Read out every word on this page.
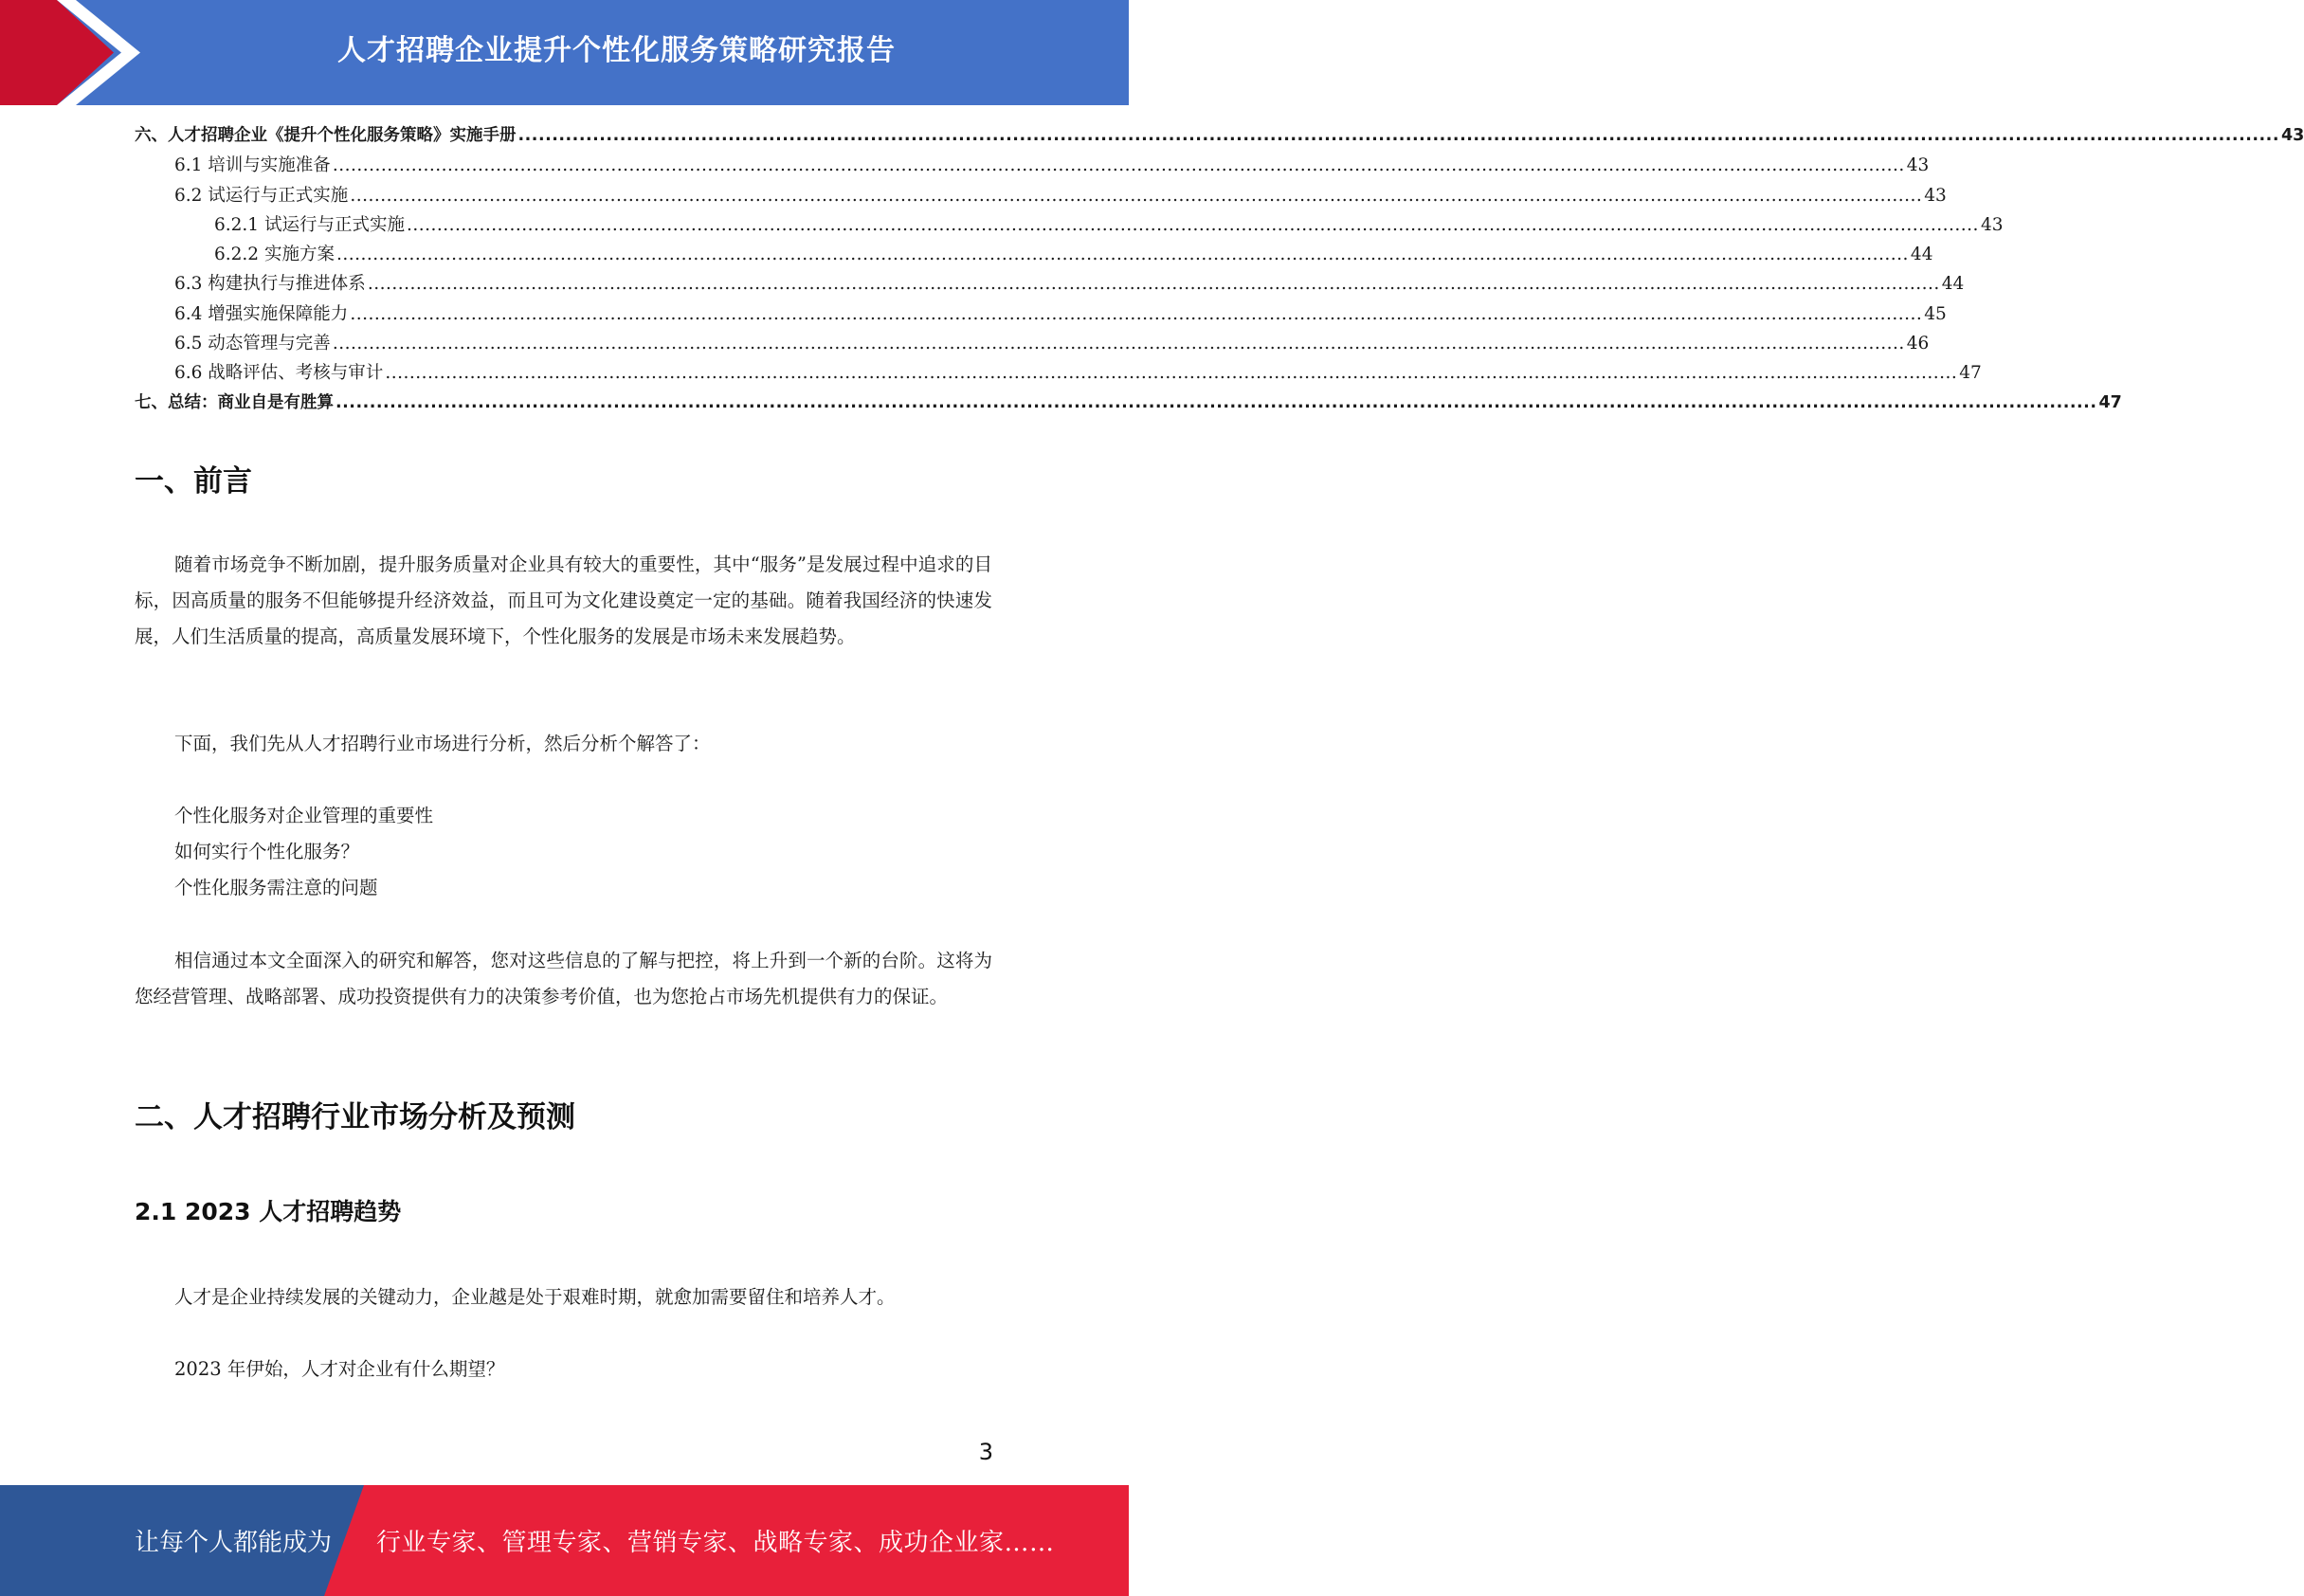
人才招聘企业提升个性化服务策略研究报告
六、人才招聘企业《提升个性化服务策略》实施手册 .................................................................................................................................................................................................................................................................... 43
6.1 培训与实施准备 .................................................................................................................................................................................................................................................................... 43
6.2 试运行与正式实施 .................................................................................................................................................................................................................................................................... 43
6.2.1 试运行与正式实施 .................................................................................................................................................................................................................................................................... 43
6.2.2 实施方案 .................................................................................................................................................................................................................................................................... 44
6.3 构建执行与推进体系 .................................................................................................................................................................................................................................................................... 44
6.4 增强实施保障能力 .................................................................................................................................................................................................................................................................... 45
6.5 动态管理与完善 .................................................................................................................................................................................................................................................................... 46
6.6 战略评估、考核与审计 .................................................................................................................................................................................................................................................................... 47
七、总结：商业自是有胜算 .................................................................................................................................................................................................................................................................... 47
一、前言
随着市场竞争不断加剧，提升服务质量对企业具有较大的重要性，其中“服务”是发展过程中追求的目标，因高质量的服务不但能够提升经济效益，而且可为文化建设奠定一定的基础。随着我国经济的快速发展，人们生活质量的提高，高质量发展环境下，个性化服务的发展是市场未来发展趋势。
下面，我们先从人才招聘行业市场进行分析，然后分析个解答了：
个性化服务对企业管理的重要性
如何实行个性化服务？
个性化服务需注意的问题
相信通过本文全面深入的研究和解答，您对这些信息的了解与把控，将上升到一个新的台阶。这将为您经营管理、战略部署、成功投资提供有力的决策参考价值，也为您抢占市场先机提供有力的保证。
二、人才招聘行业市场分析及预测
2.1 2023 人才招聘趋势
人才是企业持续发展的关键动力，企业越是处于艰难时期，就愈加需要留住和培养人才。
2023 年伊始，人才对企业有什么期望？
3
让每个人都能成为 行业专家、管理专家、营销专家、战略专家、成功企业家……
